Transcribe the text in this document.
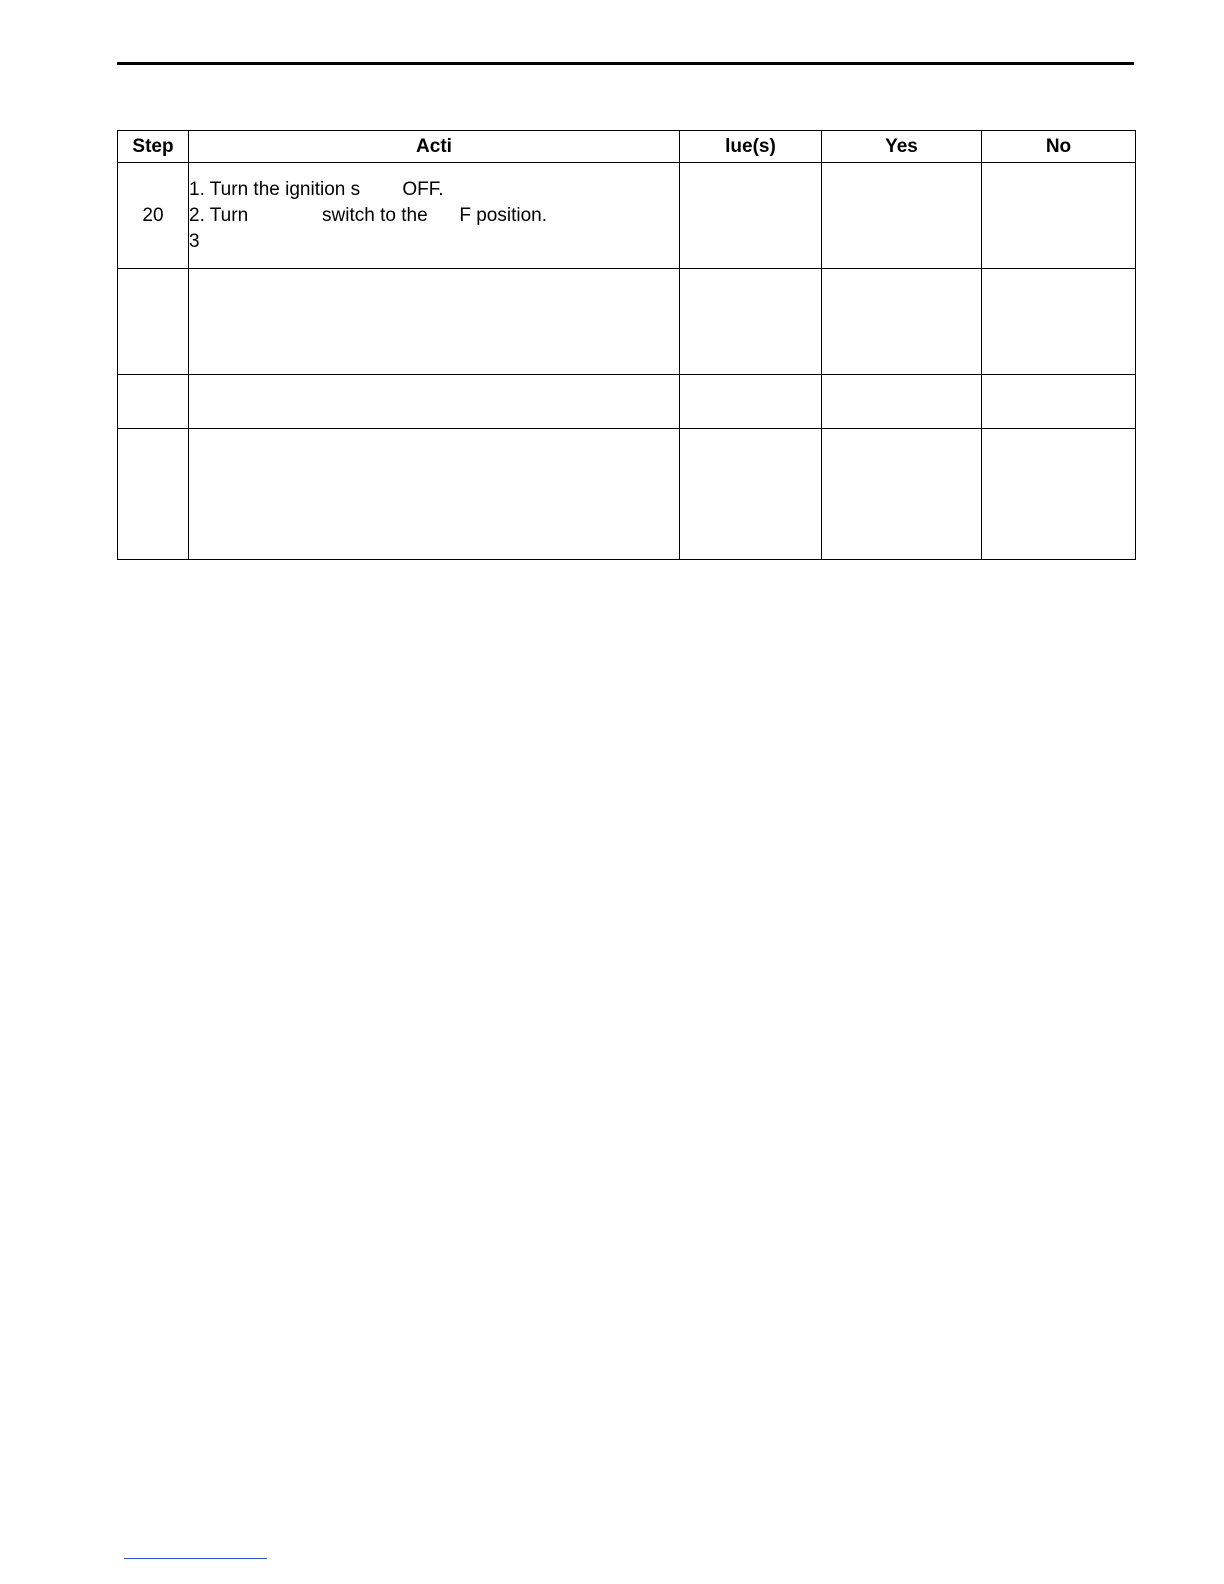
Step	Acti	lue(s)	Yes	No
20	1. Turn the ignition s        OFF.
2. Turn              switch to the      F position.
3			
